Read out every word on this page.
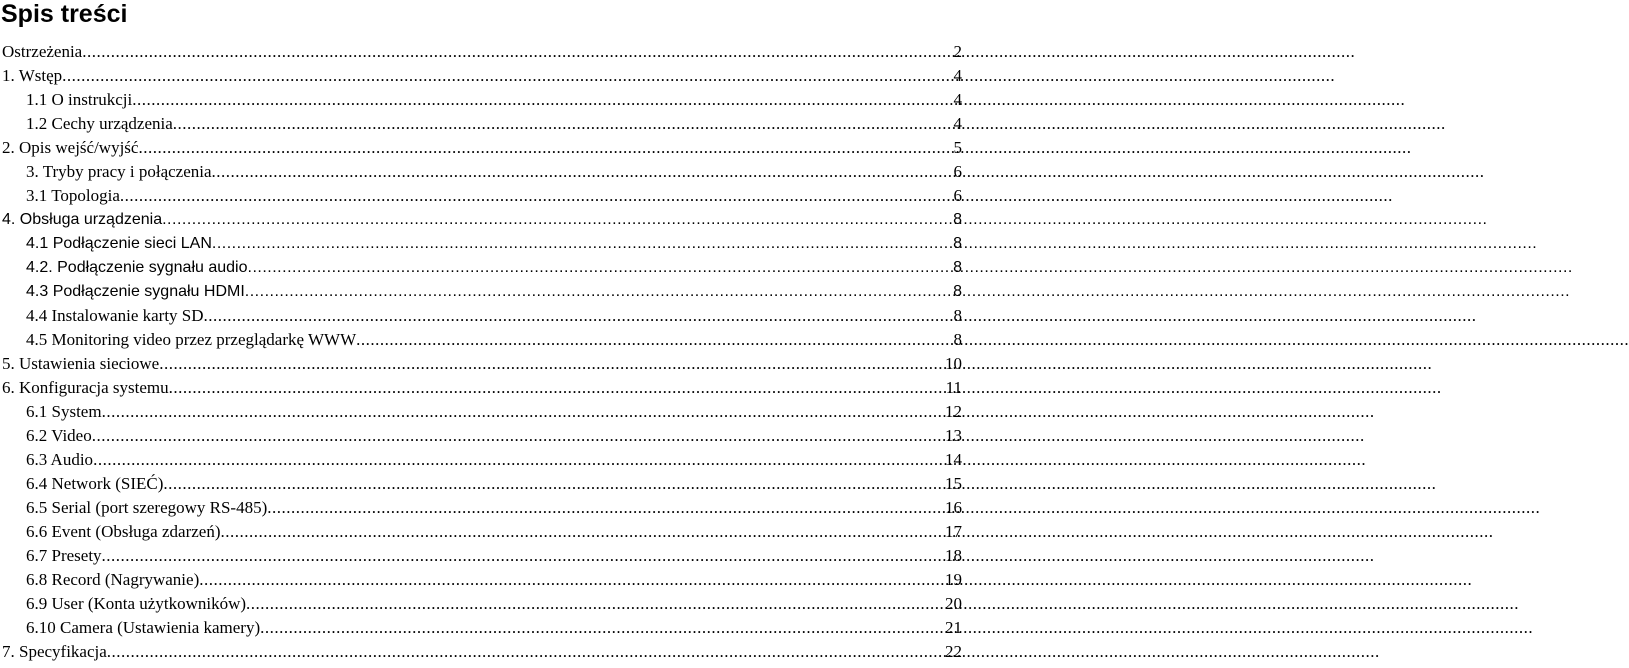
Spis treści
Ostrzeżenia .....	2
1. Wstęp .....	4
1.1 O instrukcji .....	4
1.2 Cechy urządzenia .....	4
2. Opis wejść/wyjść .....	5
3. Tryby pracy i połączenia .....	6
3.1 Topologia .....	6
4. Obsługa urządzenia .....	8
4.1 Podłączenie sieci LAN .....	8
4.2. Podłączenie sygnału audio .....	8
4.3 Podłączenie sygnału HDMI .....	8
4.4 Instalowanie karty SD .....	8
4.5 Monitoring video przez przeglądarkę WWW .....	8
5. Ustawienia sieciowe .....	10
6. Konfiguracja systemu .....	11
6.1 System .....	12
6.2 Video .....	13
6.3 Audio .....	14
6.4 Network (SIEĆ) .....	15
6.5 Serial (port szeregowy RS-485) .....	16
6.6 Event (Obsługa zdarzeń) .....	17
6.7 Presety .....	18
6.8 Record (Nagrywanie) .....	19
6.9 User (Konta użytkowników) .....	20
6.10 Camera (Ustawienia kamery) .....	21
7. Specyfikacja .....	22
